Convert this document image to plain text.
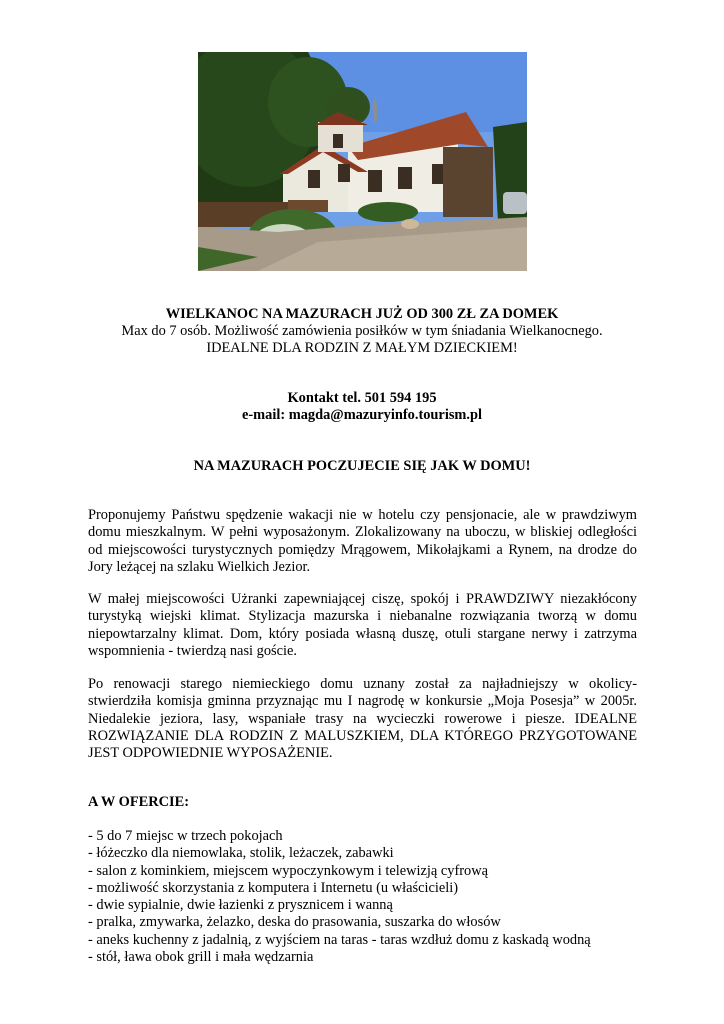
WIELKANOC NA MAZURACH JUŻ OD 300 ZŁ ZA DOMEK
Max do 7 osób. Możliwość zamówienia posiłków w tym śniadania Wielkanocnego.
IDEALNE DLA RODZIN Z MAŁYM DZIECKIEM!
Kontakt tel. 501 594 195
e-mail: magda@mazuryinfo.tourism.pl
NA MAZURACH POCZUJECIE SIĘ JAK W DOMU!
Proponujemy Państwu spędzenie wakacji nie w hotelu czy pensjonacie, ale w prawdziwym
domu mieszkalnym. W pełni wyposażonym. Zlokalizowany na uboczu, w bliskiej odległości
od miejscowości turystycznych pomiędzy Mrągowem, Mikołajkami a Rynem, na drodze do
Jory leżącej na szlaku Wielkich Jezior.
W małej miejscowości Użranki zapewniającej ciszę, spokój i PRAWDZIWY niezakłócony
turystyką wiejski klimat. Stylizacja mazurska i niebanalne rozwiązania tworzą w domu
niepowtarzalny klimat. Dom, który posiada własną duszę, otuli stargane nerwy i zatrzyma
wspomnienia - twierdzą nasi goście.
Po renowacji starego niemieckiego domu uznany został za najładniejszy w okolicy-
stwierdziła komisja gminna przyznając mu I nagrodę w konkursie „Moja Posesja” w 2005r.
Niedalekie jeziora, lasy, wspaniałe trasy na wycieczki rowerowe i piesze. IDEALNE
ROZWIĄZANIE DLA RODZIN Z MALUSZKIEM, DLA KTÓREGO PRZYGOTOWANE
JEST ODPOWIEDNIE WYPOSAŻENIE.
A W OFERCIE:
- 5 do 7 miejsc w trzech pokojach
- łóżeczko dla niemowlaka, stolik, leżaczek, zabawki
- salon z kominkiem, miejscem wypoczynkowym i telewizją cyfrową
- możliwość skorzystania z komputera i Internetu (u właścicieli)
- dwie sypialnie, dwie łazienki z prysznicem i wanną
- pralka, zmywarka, żelazko, deska do prasowania, suszarka do włosów
- aneks kuchenny z jadalnią, z wyjściem na taras - taras wzdłuż domu z kaskadą wodną
- stół, ława obok grill i mała wędzarnia
